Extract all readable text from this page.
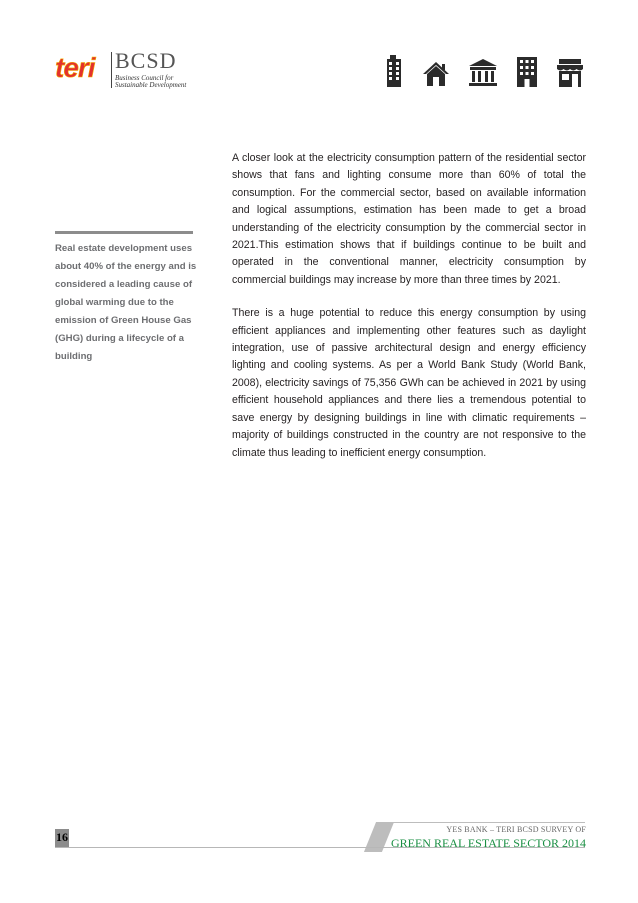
teri BCSD
Business Council for
Sustainable Development
Real estate development uses about 40% of the energy and is considered a leading cause of global warming due to the emission of Green House Gas (GHG) during a lifecycle of a building

A closer look at the electricity consumption pattern of the residential sector shows that fans and lighting consume more than 60% of total the consumption. For the commercial sector, based on available information and logical assumptions, estimation has been made to get a broad understanding of the electricity consumption by the commercial sector in 2021.This estimation shows that if buildings continue to be built and operated in the conventional manner, electricity consumption by commercial buildings may increase by more than three times by 2021.

There is a huge potential to reduce this energy consumption by using efficient appliances and implementing other features such as daylight integration, use of passive architectural design and energy efficiency lighting and cooling systems. As per a World Bank Study (World Bank, 2008), electricity savings of 75,356 GWh can be achieved in 2021 by using efficient household appliances and there lies a tremendous potential to save energy by designing buildings in line with climatic requirements – majority of buildings constructed in the country are not responsive to the climate thus leading to inefficient energy consumption.

16
YES BANK – TERI BCSD SURVEY OF
GREEN REAL ESTATE SECTOR 2014
